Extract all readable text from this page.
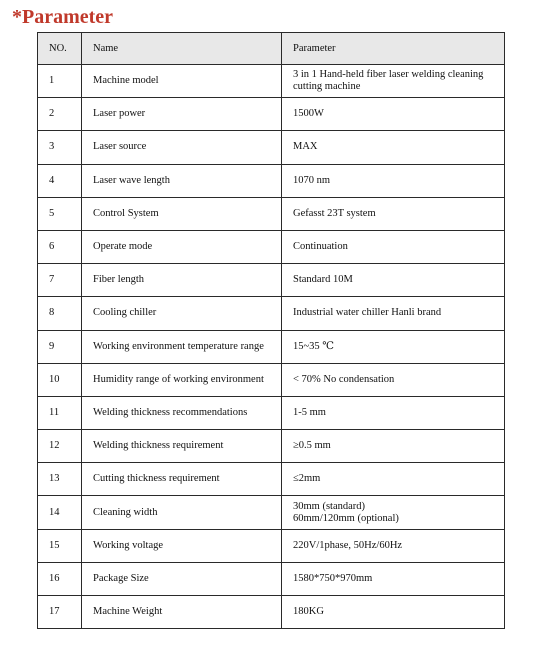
*Parameter
NO.	Name	Parameter
1	Machine model	3 in 1 Hand-held fiber laser welding cleaning
cutting machine

2	Laser power	1500W

3	Laser source	MAX

4	Laser wave length	1070 nm

5	Control System	Gefasst 23T system

6	Operate mode	Continuation

7	Fiber length	Standard 10M

8	Cooling chiller	Industrial water chiller Hanli brand

9	Working environment temperature range	15~35 ℃

10	Humidity range of working environment	< 70% No condensation

11	Welding thickness recommendations	1-5 mm

12	Welding thickness requirement	≥0.5 mm

13	Cutting thickness requirement	≤2mm

14	Cleaning width	30mm (standard)
60mm/120mm (optional)

15	Working voltage	220V/1phase, 50Hz/60Hz

16	Package Size	1580*750*970mm

17	Machine Weight	180KG
